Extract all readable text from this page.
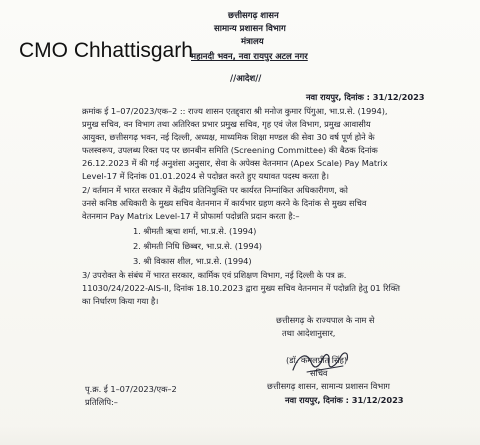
छत्तीसगढ़ शासन
सामान्य प्रशासन विभाग
मंत्रालय
महानदी भवन, नवा रायपुर अटल नगर
CMO Chhattisgarh
//आदेश//
नवा रायपुर, दिनांक : 31/12/2023
क्रमांक ई 1–07/2023/एक–2 :: राज्य शासन एतद्द्वारा श्री मनोज कुमार पिंगुआ, भा.प्र.से. (1994),
प्रमुख सचिव, वन विभाग तथा अतिरिक्त प्रभार प्रमुख सचिव, गृह एवं जेल विभाग, प्रमुख आवासीय
आयुक्त, छत्तीसगढ़ भवन, नई दिल्ली, अध्यक्ष, माध्यमिक शिक्षा मण्डल की सेवा 30 वर्ष पूर्ण होने के
फलस्वरूप, उपलब्ध रिक्त पद पर छानबीन समिति (Screening Committee) की बैठक दिनांक
26.12.2023 में की गई अनुशंसा अनुसार, सेवा के अपेक्स वेतनमान (Apex Scale) Pay Matrix
Level-17 में दिनांक 01.01.2024 से पदोन्नत करते हुए यथावत पदस्थ करता है।
2/ वर्तमान में भारत सरकार में केंद्रीय प्रतिनियुक्ति पर कार्यरत निम्नांकित अधिकारीगण, को
उनसे कनिष्ठ अधिकारी के मुख्य सचिव वेतनमान में कार्यभार ग्रहण करने के दिनांक से मुख्य सचिव
वेतनमान Pay Matrix Level-17 में प्रोफार्मा पदोन्नति प्रदान करता है:–
1. श्रीमती ऋचा शर्मा, भा.प्र.से. (1994)
2. श्रीमती निधि छिब्बर, भा.प्र.से. (1994)
3. श्री विकास शील, भा.प्र.से. (1994)
3/ उपरोक्त के संबंध में भारत सरकार, कार्मिक एवं प्रशिक्षण विभाग, नई दिल्ली के पत्र क्र.
11030/24/2022-AIS-II, दिनांक 18.10.2023 द्वारा मुख्य सचिव वेतनमान में पदोन्नति हेतु 01 रिक्ति
का निर्धारण किया गया है।
छत्तीसगढ़ के राज्यपाल के नाम से
तथा आदेशानुसार,
(डॉ. कमलप्रीत सिंह)
सचिव
छत्तीसगढ़ शासन, सामान्य प्रशासन विभाग
नवा रायपुर, दिनांक : 31/12/2023
पृ.क्र. ई 1–07/2023/एक–2
प्रतिलिपि:–
